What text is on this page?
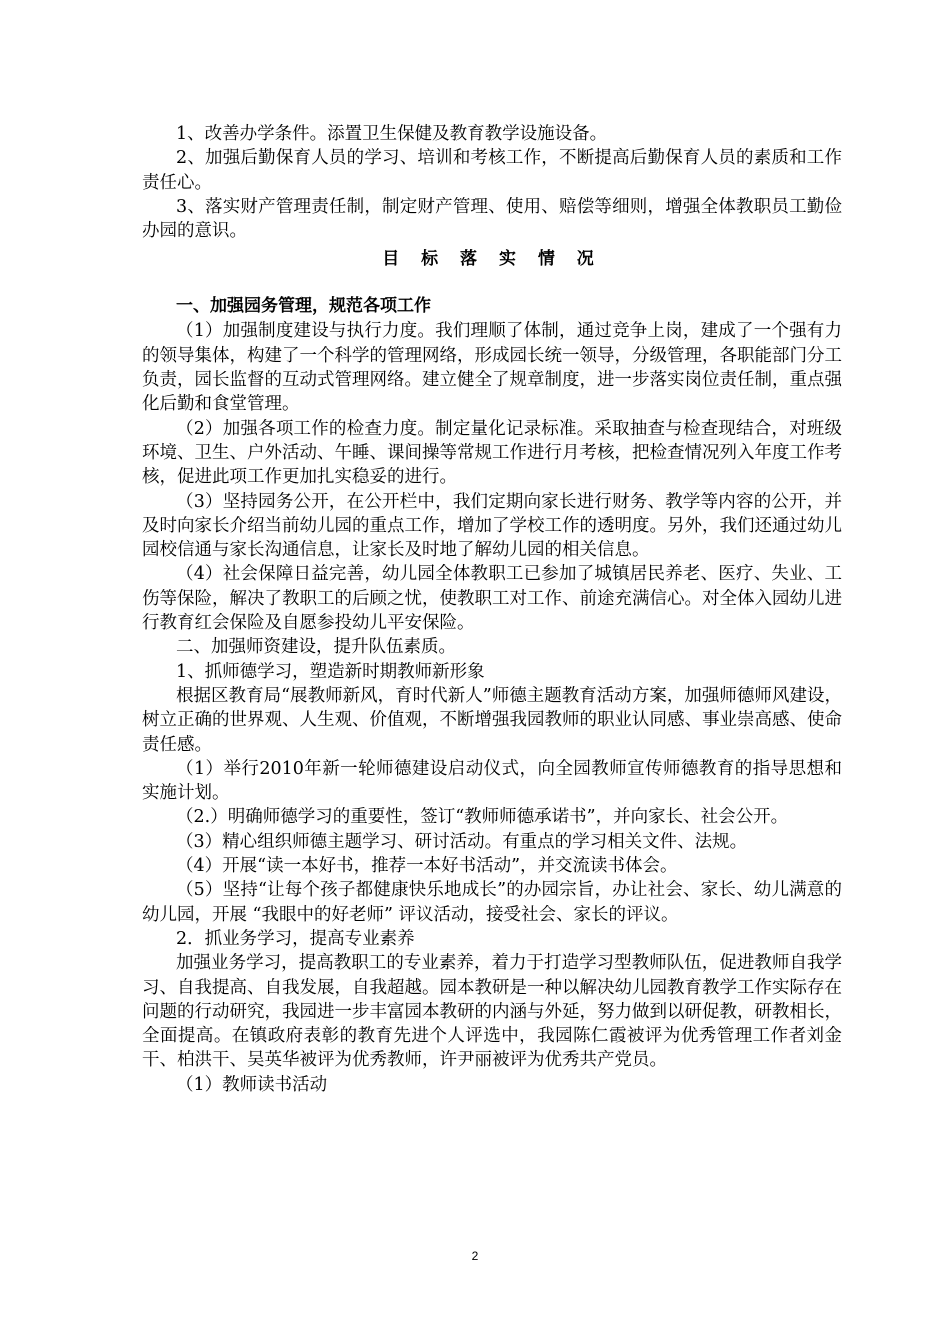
1、改善办学条件。添置卫生保健及教育教学设施设备。

2、加强后勤保育人员的学习、培训和考核工作，不断提高后勤保育人员的素质和工作责任心。

3、落实财产管理责任制，制定财产管理、使用、赔偿等细则，增强全体教职员工勤俭办园的意识。

目 标 落 实 情 况

一、加强园务管理，规范各项工作

（1）加强制度建设与执行力度。我们理顺了体制，通过竞争上岗，建成了一个强有力的领导集体，构建了一个科学的管理网络，形成园长统一领导，分级管理，各职能部门分工负责，园长监督的互动式管理网络。建立健全了规章制度，进一步落实岗位责任制，重点强化后勤和食堂管理。

（2）加强各项工作的检查力度。制定量化记录标准。采取抽查与检查现结合，对班级环境、卫生、户外活动、午睡、课间操等常规工作进行月考核，把检查情况列入年度工作考核，促进此项工作更加扎实稳妥的进行。

（3）坚持园务公开，在公开栏中，我们定期向家长进行财务、教学等内容的公开，并及时向家长介绍当前幼儿园的重点工作，增加了学校工作的透明度。另外，我们还通过幼儿园校信通与家长沟通信息，让家长及时地了解幼儿园的相关信息。

（4）社会保障日益完善，幼儿园全体教职工已参加了城镇居民养老、医疗、失业、工伤等保险，解决了教职工的后顾之忧，使教职工对工作、前途充满信心。对全体入园幼儿进行教育红会保险及自愿参投幼儿平安保险。

二、加强师资建设，提升队伍素质。

1、抓师德学习，塑造新时期教师新形象

根据区教育局“展教师新风，育时代新人”师德主题教育活动方案，加强师德师风建设，树立正确的世界观、人生观、价值观，不断增强我园教师的职业认同感、事业崇高感、使命责任感。

（1）举行2010年新一轮师德建设启动仪式，向全园教师宣传师德教育的指导思想和实施计划。

（2.）明确师德学习的重要性，签订“教师师德承诺书”，并向家长、社会公开。

（3）精心组织师德主题学习、研讨活动。有重点的学习相关文件、法规。

（4）开展“读一本好书，推荐一本好书活动”，并交流读书体会。

（5）坚持“让每个孩子都健康快乐地成长”的办园宗旨，办让社会、家长、幼儿满意的幼儿园，开展 “我眼中的好老师” 评议活动，接受社会、家长的评议。

2．抓业务学习，提高专业素养

加强业务学习，提高教职工的专业素养，着力于打造学习型教师队伍，促进教师自我学习、自我提高、自我发展，自我超越。园本教研是一种以解决幼儿园教育教学工作实际存在问题的行动研究，我园进一步丰富园本教研的内涵与外延，努力做到以研促教，研教相长，全面提高。在镇政府表彰的教育先进个人评选中，我园陈仁霞被评为优秀管理工作者刘金干、柏洪干、吴英华被评为优秀教师，许尹丽被评为优秀共产党员。

（1）教师读书活动

2
